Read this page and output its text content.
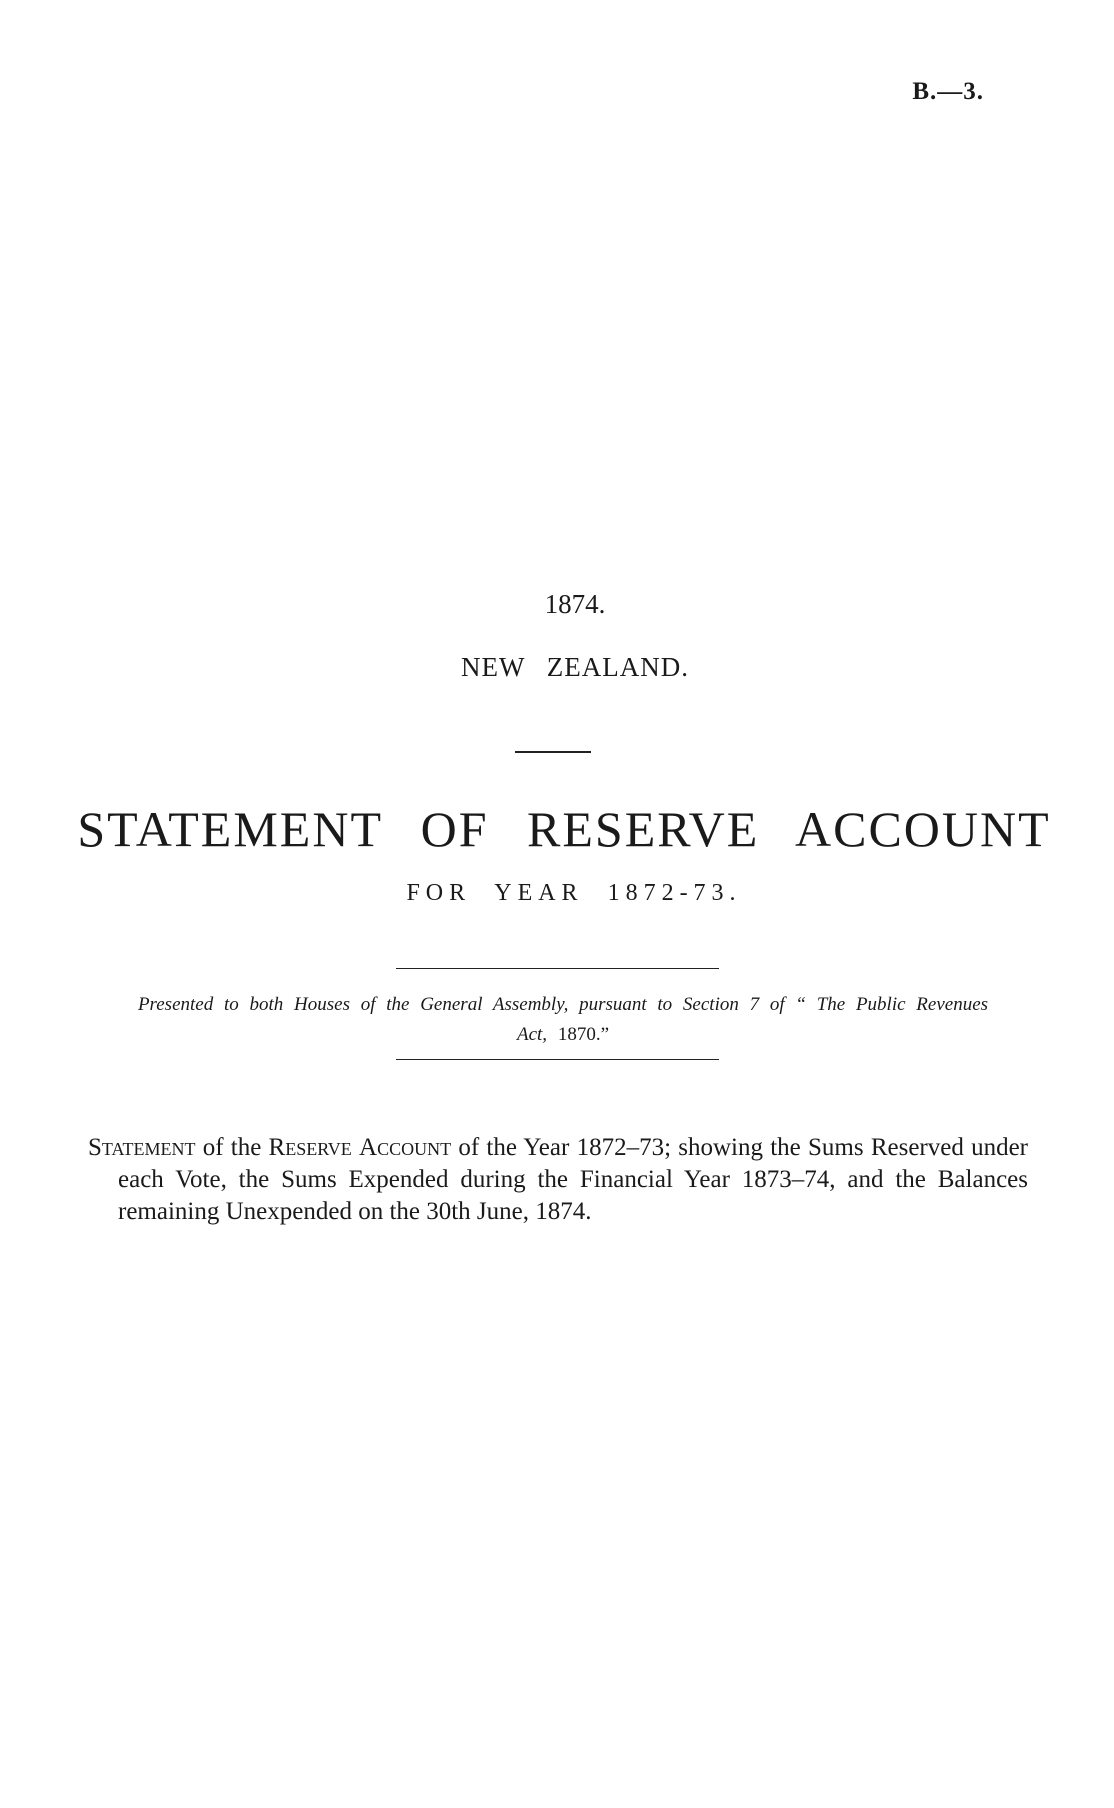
B.—3.
1874.
NEW ZEALAND.
STATEMENT OF RESERVE ACCOUNT
FOR YEAR 1872-73.
Presented to both Houses of the General Assembly, pursuant to Section 7 of “ The Public Revenues Act, 1870.”
Statement of the Reserve Account of the Year 1872–73; showing the Sums Reserved under each Vote, the Sums Expended during the Financial Year 1873–74, and the Balances remaining Unexpended on the 30th June, 1874.
